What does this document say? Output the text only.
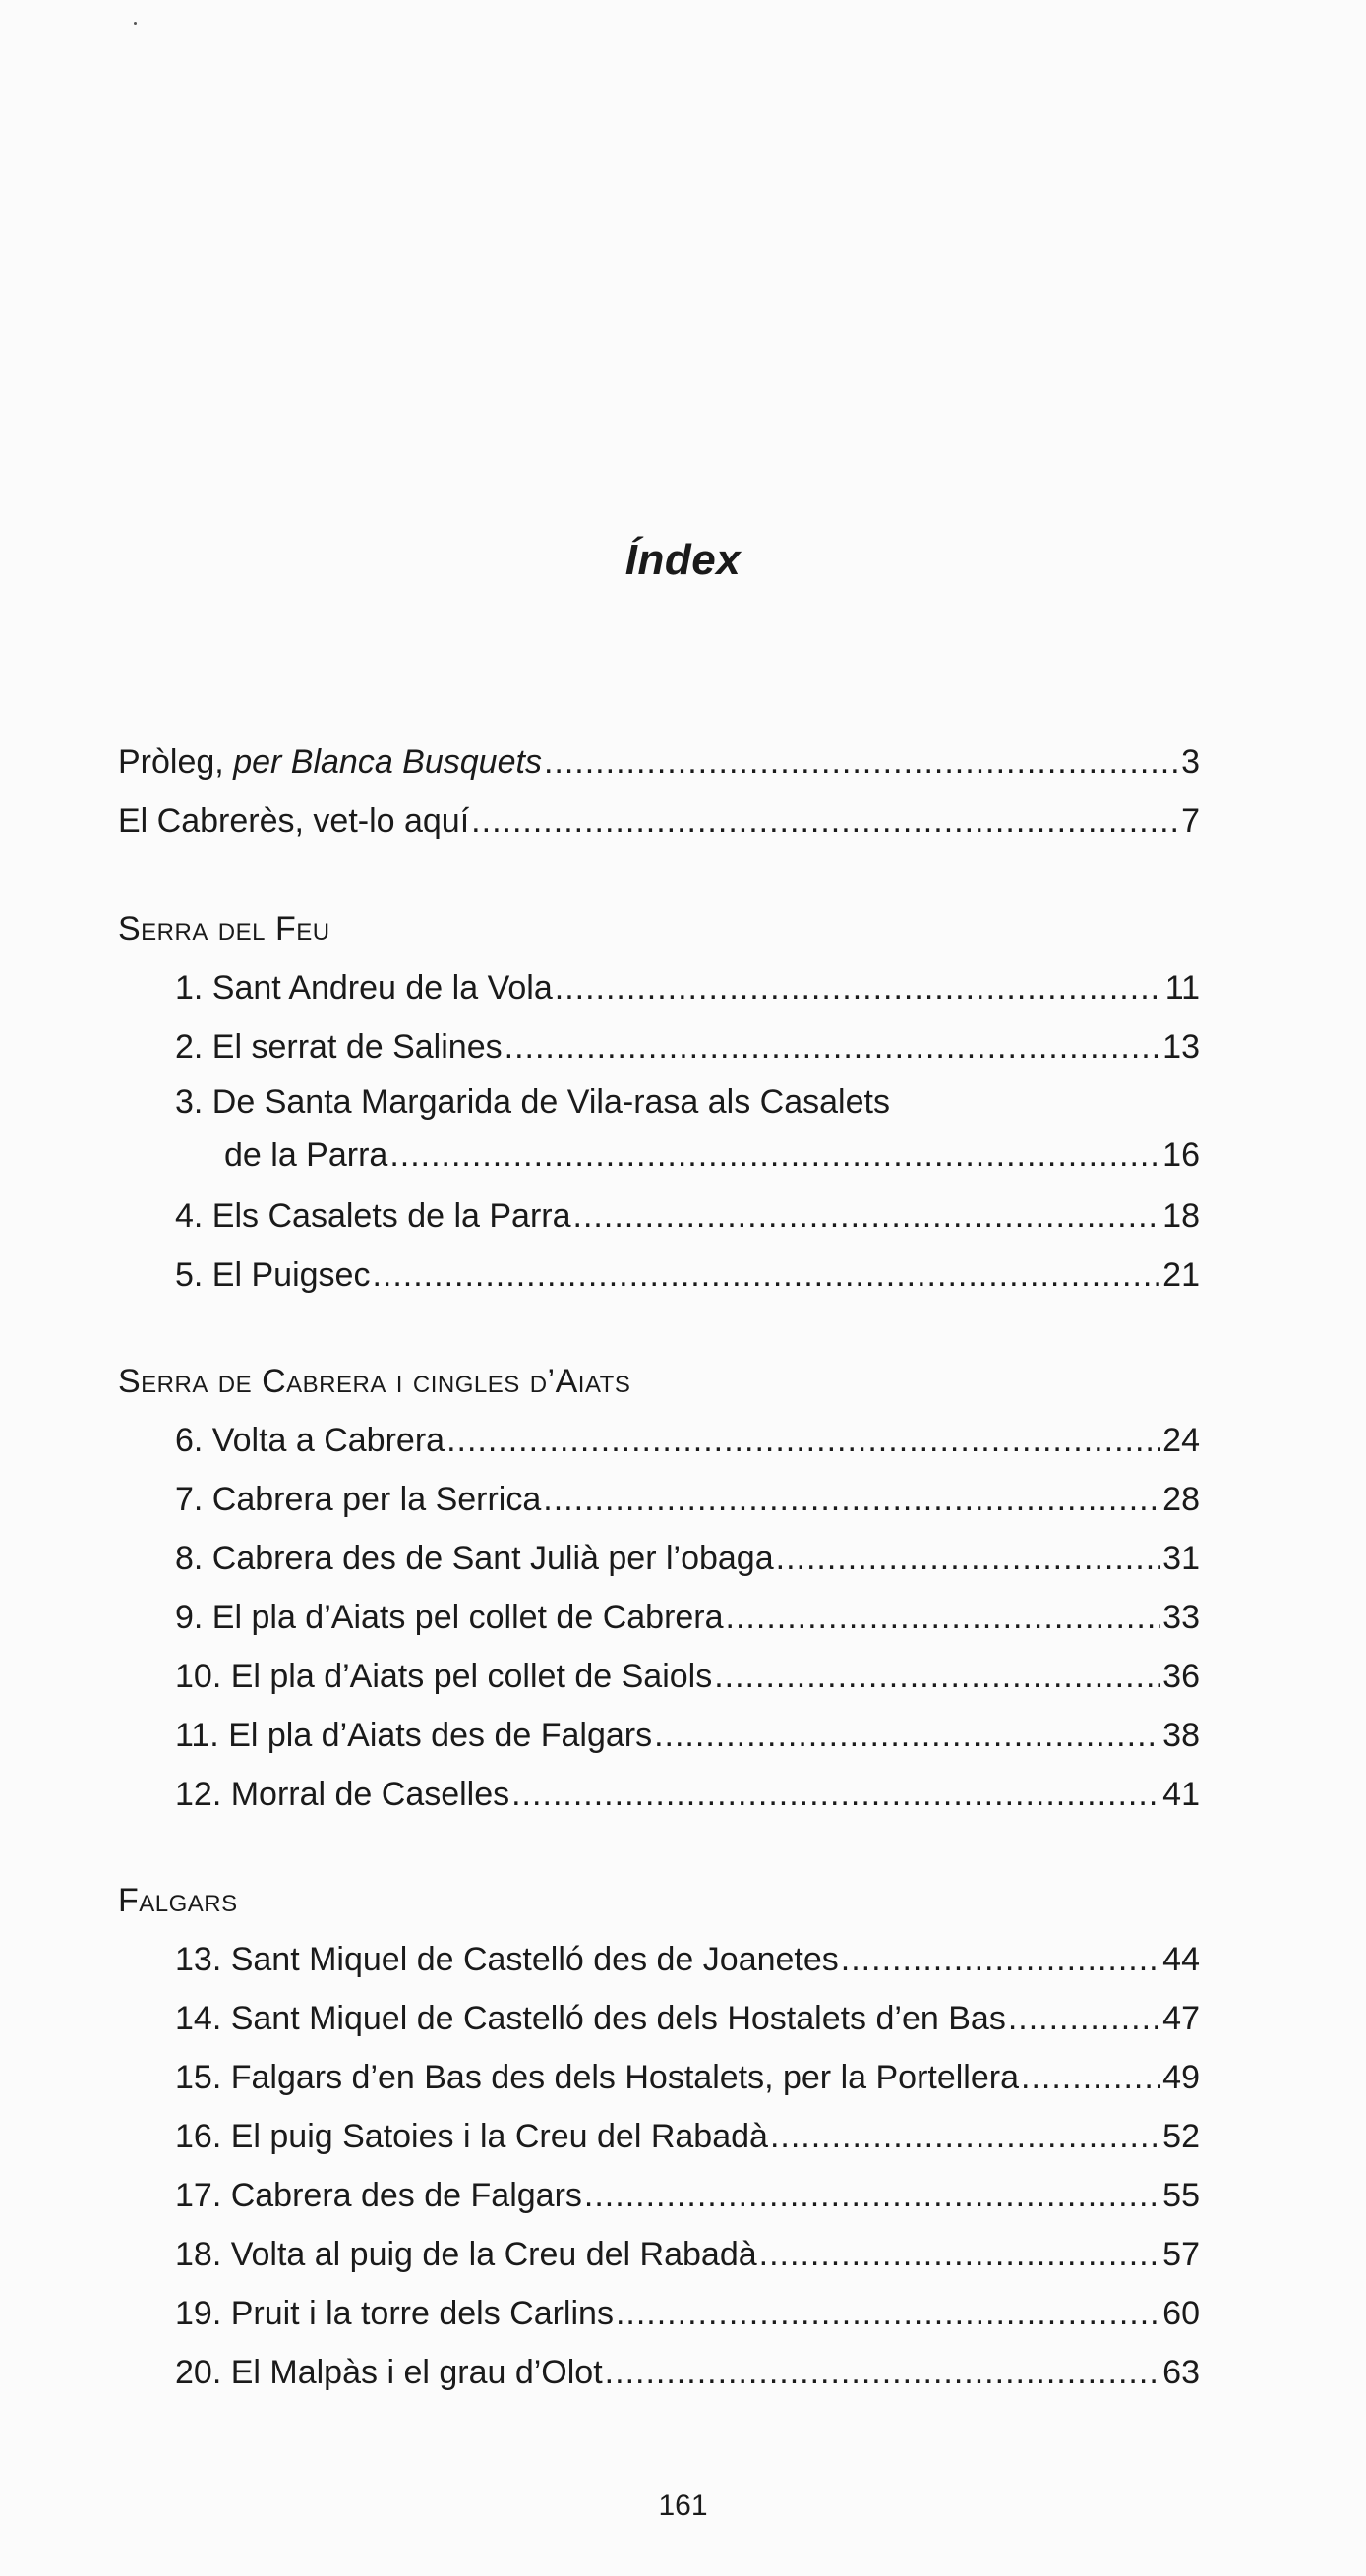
Índex
Pròleg, per Blanca Busquets .....	3
El Cabrerès, vet-lo aquí .....	7
Serra del Feu
1. Sant Andreu de la Vola .....	11
2. El serrat de Salines .....	13
3. De Santa Margarida de Vila-rasa als Casalets
de la Parra .....	16
4. Els Casalets de la Parra .....	18
5. El Puigsec .....	21
Serra de Cabrera i cingles d’Aiats
6. Volta a Cabrera .....	24
7. Cabrera per la Serrica .....	28
8. Cabrera des de Sant Julià per l’obaga .....	31
9. El pla d’Aiats pel collet de Cabrera .....	33
10. El pla d’Aiats pel collet de Saiols .....	36
11. El pla d’Aiats des de Falgars .....	38
12. Morral de Caselles .....	41
Falgars
13. Sant Miquel de Castelló des de Joanetes .....	44
14. Sant Miquel de Castelló des dels Hostalets d’en Bas .....	47
15. Falgars d’en Bas des dels Hostalets, per la Portellera .....	49
16. El puig Satoies i la Creu del Rabadà .....	52
17. Cabrera des de Falgars .....	55
18. Volta al puig de la Creu del Rabadà .....	57
19. Pruit i la torre dels Carlins .....	60
20. El Malpàs i el grau d’Olot .....	63
161
